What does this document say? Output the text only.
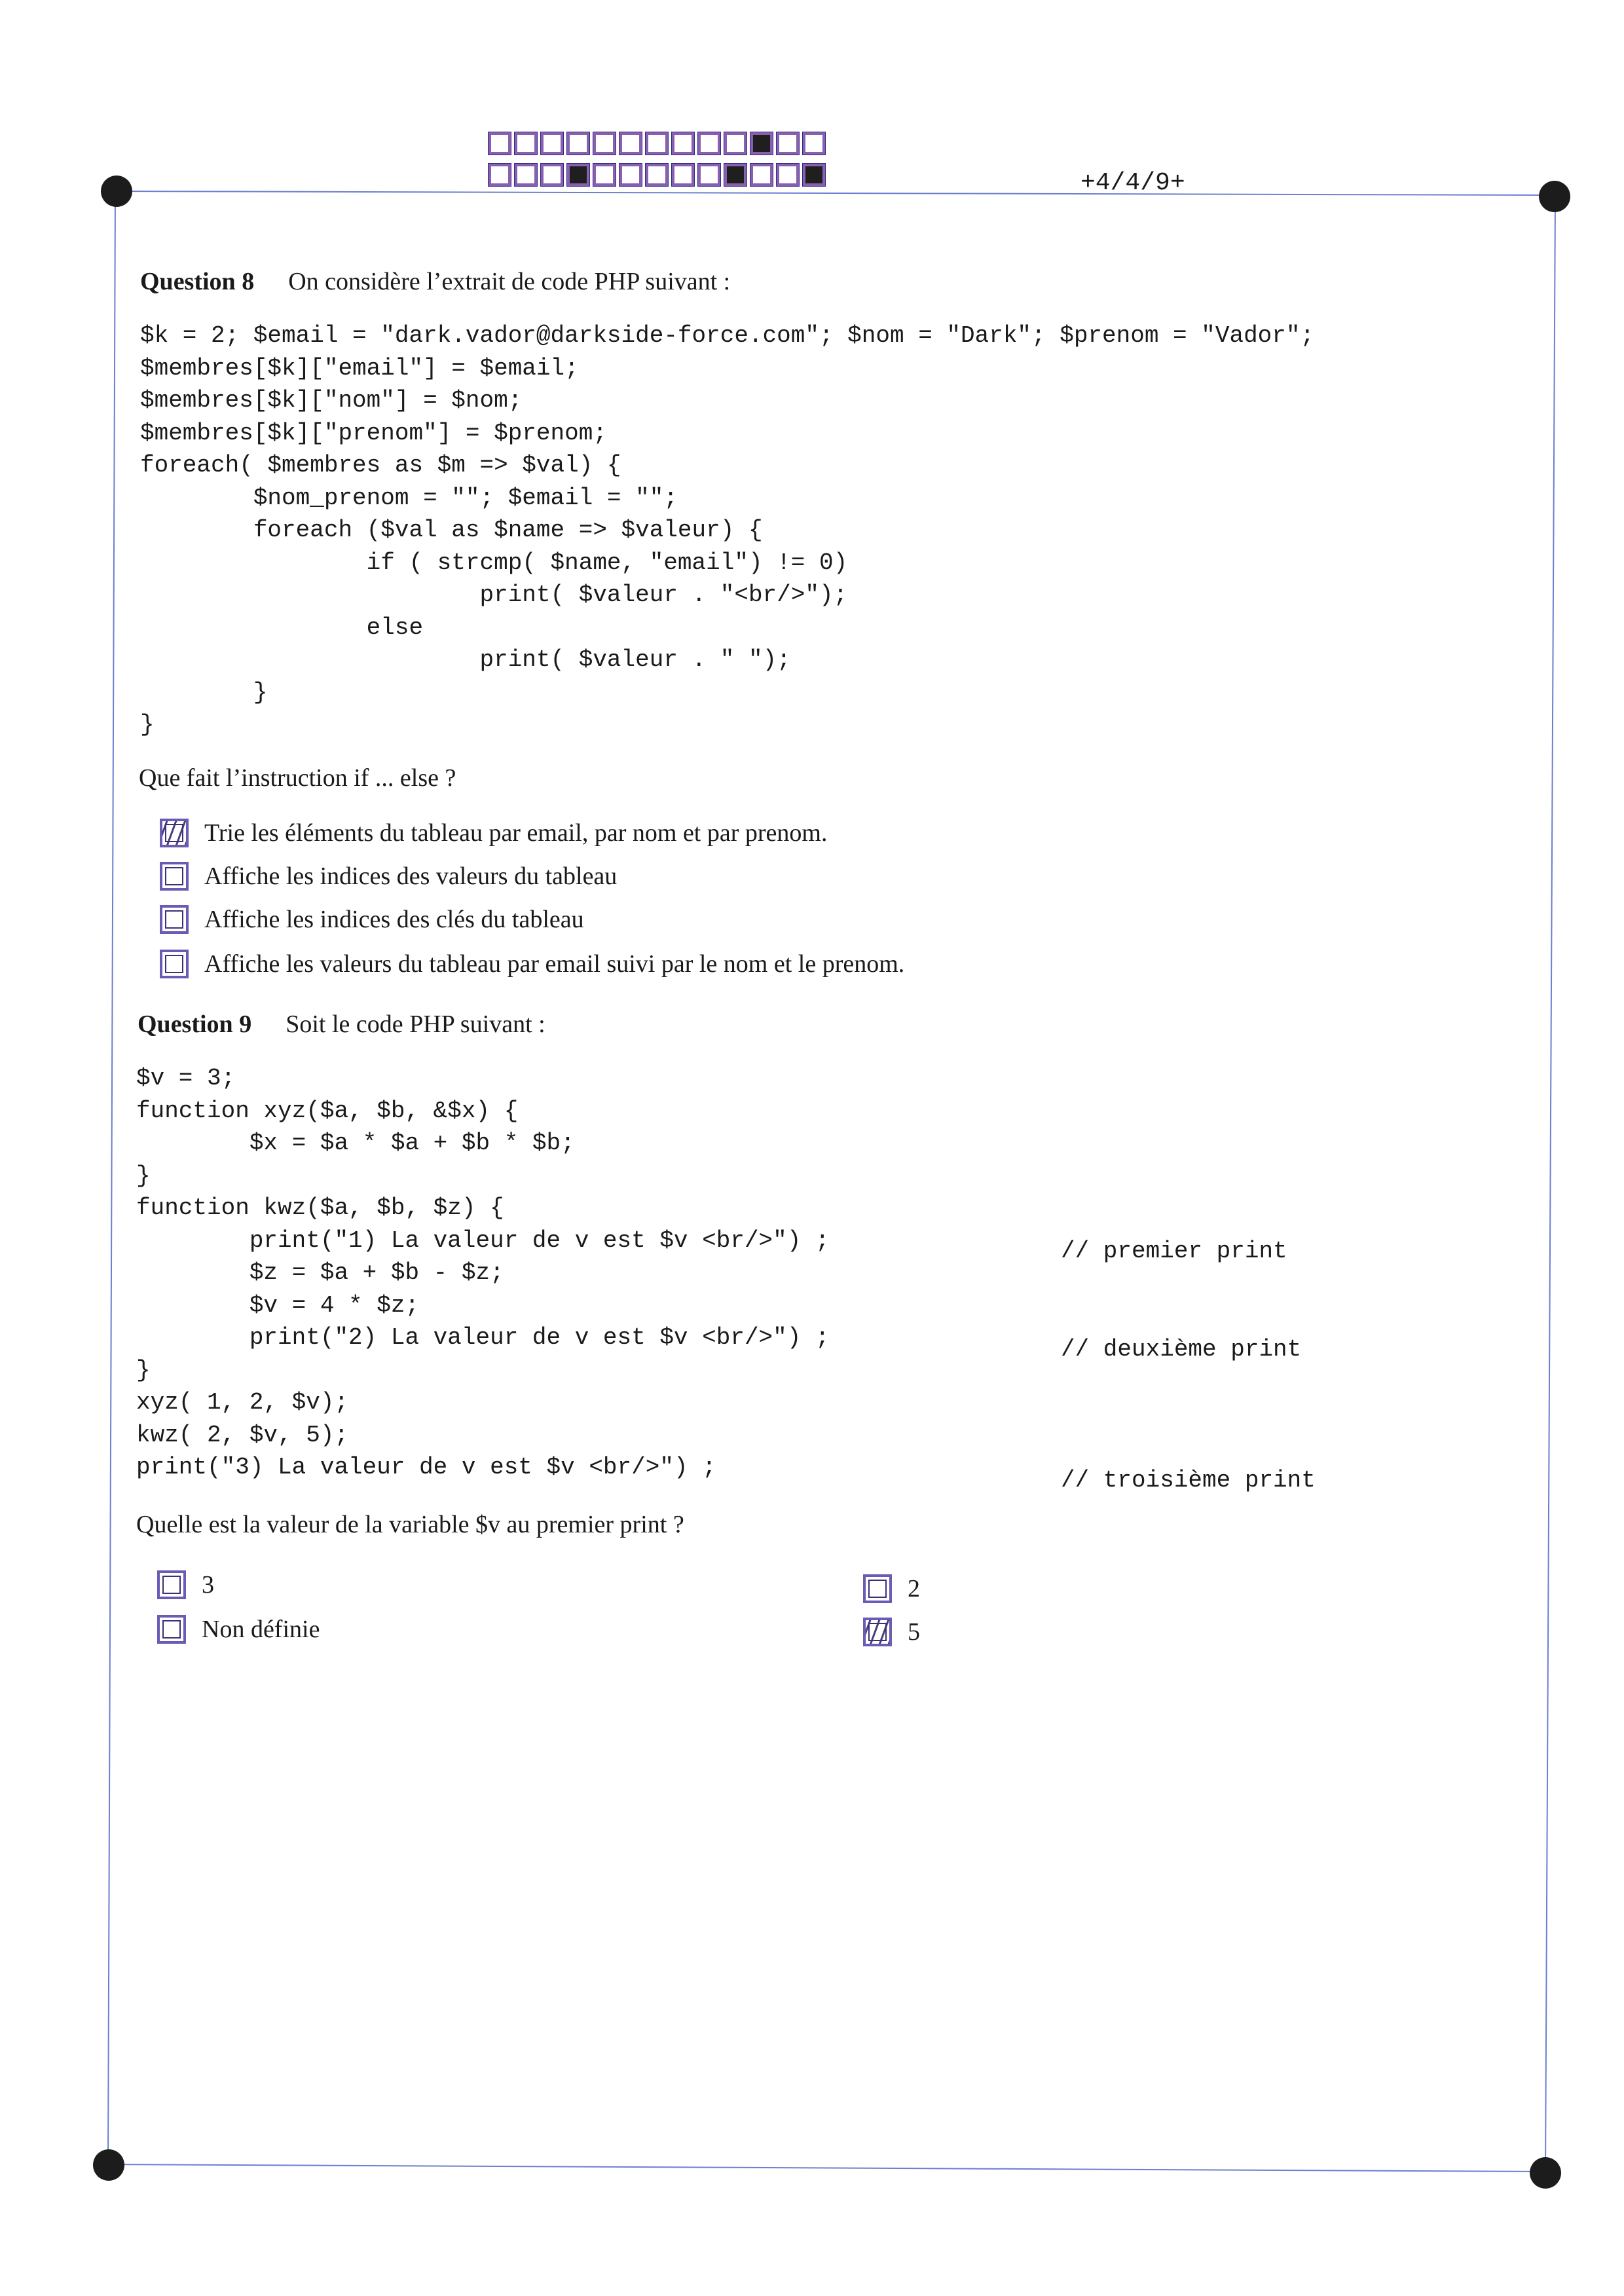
+4/4/9+
Question 8 On considère l’extrait de code PHP suivant :
$k = 2; $email = "dark.vador@darkside-force.com"; $nom = "Dark"; $prenom = "Vador";
$membres[$k]["email"] = $email;
$membres[$k]["nom"] = $nom;
$membres[$k]["prenom"] = $prenom;
foreach( $membres as $m => $val) {
$nom_prenom = ""; $email = "";
foreach ($val as $name => $valeur) {
if ( strcmp( $name, "email") != 0)
print( $valeur . "<br/>");
else
print( $valeur . " ");
}
}
Que fait l’instruction if ... else ?
Trie les éléments du tableau par email, par nom et par prenom.
Affiche les indices des valeurs du tableau
Affiche les indices des clés du tableau
Affiche les valeurs du tableau par email suivi par le nom et le prenom.
Question 9 Soit le code PHP suivant :
$v = 3;
function xyz($a, $b, &$x) {
$x = $a * $a + $b * $b;
}
function kwz($a, $b, $z) {
print("1) La valeur de v est $v <br/>") ;
$z = $a + $b - $z;
$v = 4 * $z;
print("2) La valeur de v est $v <br/>") ;
}
xyz( 1, 2, $v);
kwz( 2, $v, 5);
print("3) La valeur de v est $v <br/>") ;
// premier print
// deuxième print
// troisième print
Quelle est la valeur de la variable $v au premier print ?
3	2
Non définie	5
